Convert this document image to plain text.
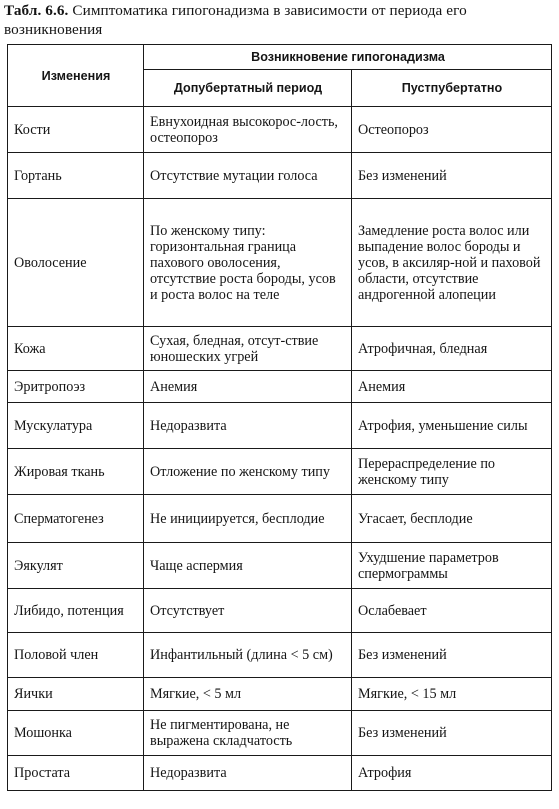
Табл. 6.6. Симптоматика гипогонадизма в зависимости от периода его возникновения
Изменения	Возникновение гипогонадизма	
	Допубертатный период	Пустпубертатно
Кости	Евнухоидная высокорос-лость, остеопороз	Остеопороз
Гортань	Отсутствие мутации голоса	Без изменений
Оволосение	По женскому типу: горизонтальная граница пахового оволосения, отсутствие роста бороды, усов и роста волос на теле	Замедление роста волос или выпадение волос бороды и усов, в аксиляр-ной и паховой области, отсутствие андрогенной алопеции
Кожа	Сухая, бледная, отсут-ствие юношеских угрей	Атрофичная, бледная
Эритропоэз	Анемия	Анемия
Мускулатура	Недоразвита	Атрофия, уменьшение силы
Жировая ткань	Отложение по женскому типу	Перераспределение по женскому типу
Сперматогенез	Не инициируется, бесплодие	Угасает, бесплодие
Эякулят	Чаще аспермия	Ухудшение параметров спермограммы
Либидо, потенция	Отсутствует	Ослабевает
Половой член	Инфантильный (длина < 5 см)	Без изменений
Яички	Мягкие, < 5 мл	Мягкие, < 15 мл
Мошонка	Не пигментирована, не выражена складчатость	Без изменений
Простата	Недоразвита	Атрофия
